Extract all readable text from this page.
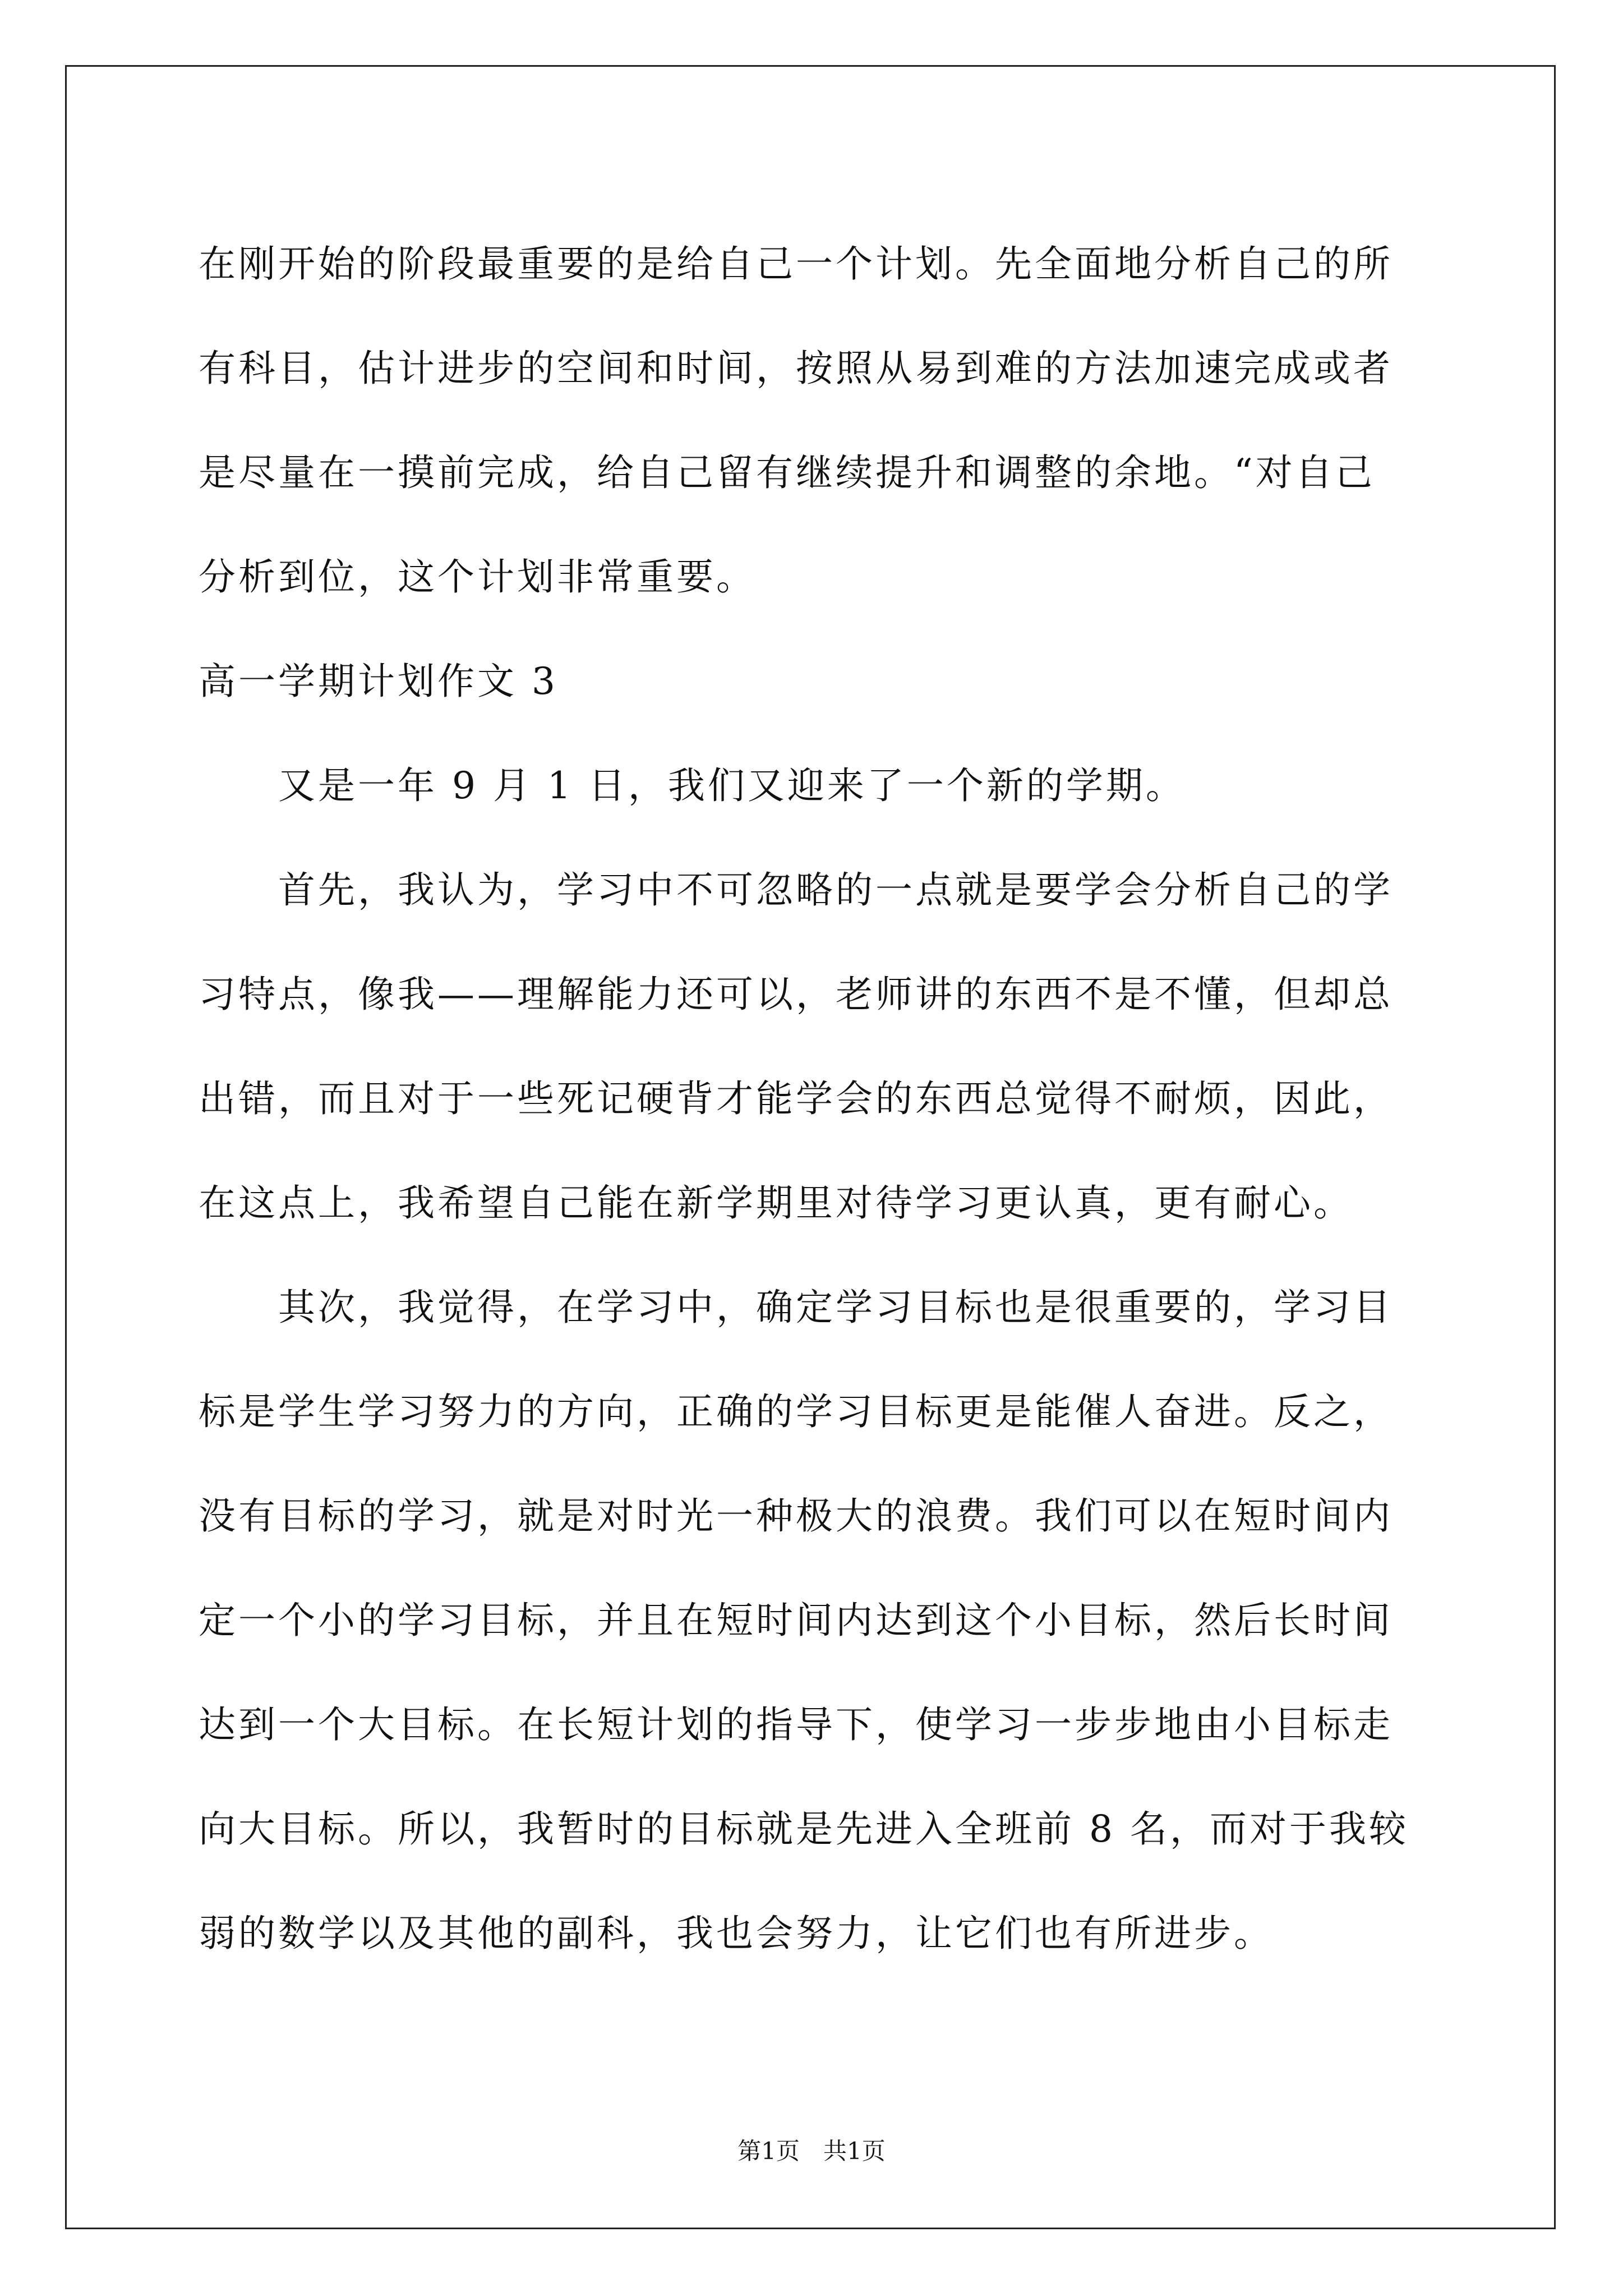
在刚开始的阶段最重要的是给自己一个计划。先全面地分析自己的所
有科目，估计进步的空间和时间，按照从易到难的方法加速完成或者
是尽量在一摸前完成，给自己留有继续提升和调整的余地。“对自己
分析到位，这个计划非常重要。
高一学期计划作文 3
　　又是一年 9 月 1 日，我们又迎来了一个新的学期。
　　首先，我认为，学习中不可忽略的一点就是要学会分析自己的学
习特点，像我——理解能力还可以，老师讲的东西不是不懂，但却总
出错，而且对于一些死记硬背才能学会的东西总觉得不耐烦，因此，
在这点上，我希望自己能在新学期里对待学习更认真，更有耐心。
　　其次，我觉得，在学习中，确定学习目标也是很重要的，学习目
标是学生学习努力的方向，正确的学习目标更是能催人奋进。反之，
没有目标的学习，就是对时光一种极大的浪费。我们可以在短时间内
定一个小的学习目标，并且在短时间内达到这个小目标，然后长时间
达到一个大目标。在长短计划的指导下，使学习一步步地由小目标走
向大目标。所以，我暂时的目标就是先进入全班前 8 名，而对于我较
弱的数学以及其他的副科，我也会努力，让它们也有所进步。
第1页　共1页
